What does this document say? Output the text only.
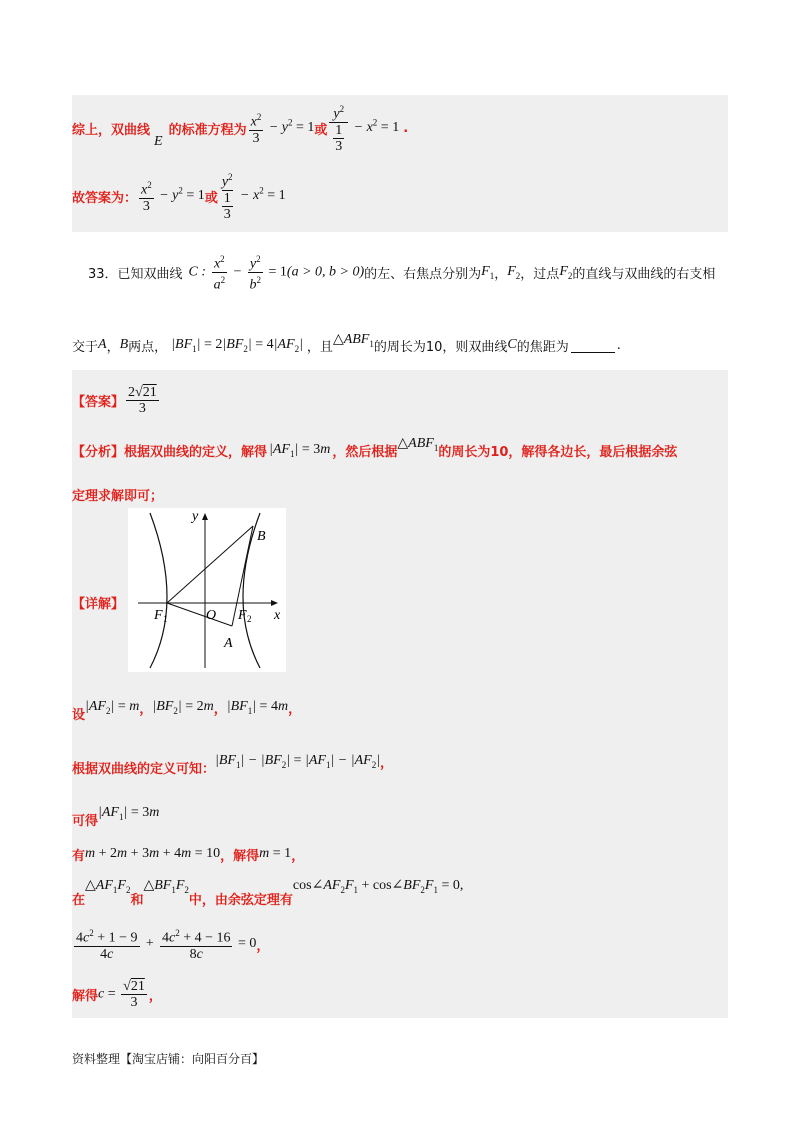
综上，双曲线
E
的标准方程为 $\frac{x^2}{3} - y^2 = 1$ 或
$y^2$
1
3
− $x^2 = 1$ .
故答案为： $\frac{x^2}{3} - y^2 = 1$ 或
$y^2$
1
3
− $x^2 = 1$
33．已知双曲线 C : $\frac{x^2}{a^2} - \frac{y^2}{b^2} = 1(a > 0$, b > 0) 的左、右焦点分别为 $F_1$ ， $F_2$ ，过点 $F_2$ 的直线与双曲线的右支相
交于 A ， B 两点， $|BF_1| = 2|BF_2| = 4|AF_2|$ ，且 $\triangle ABF_1$ 的周长为10，则双曲线 C 的焦距为	.
【答案】 $\frac{2√21}{3}$
【分析】 根据双曲线的定义，解得 $|AF_1| = 3m$ ，然后根据
$\triangle ABF_1$ 的周长为10，解得各边长，最后根据余弦
定理求解即可；
【详解】
y
x
B
A
O
F 1	F 2
设
$|AF_2| = m$ ， $|BF_2| = 2m$ ， $|BF_1| = 4m$ ，
根据双曲线的定义可知：
$|BF_1| - |BF_2| = |AF_1| - |AF_2|$ ，
可得
$|AF_1| = 3m$
有 m + 2m + 3m + 4m = 10 ，解得 m = 1 ，
在
$\triangle AF_1F_2$
和
$\triangle BF_1F_2$
中，由余弦定理有
$\cos\angle AF_2F_1$ + $\cos\angle BF_2F_1 = 0$,
$\frac{4c^2 + 1 - 9}{4c} + \frac{4c^2 + 4 - 16}{8c} = 0$ ，
解得 $c = \frac{√21}{3}$ ，
资料整理【淘宝店铺：向阳百分百】
